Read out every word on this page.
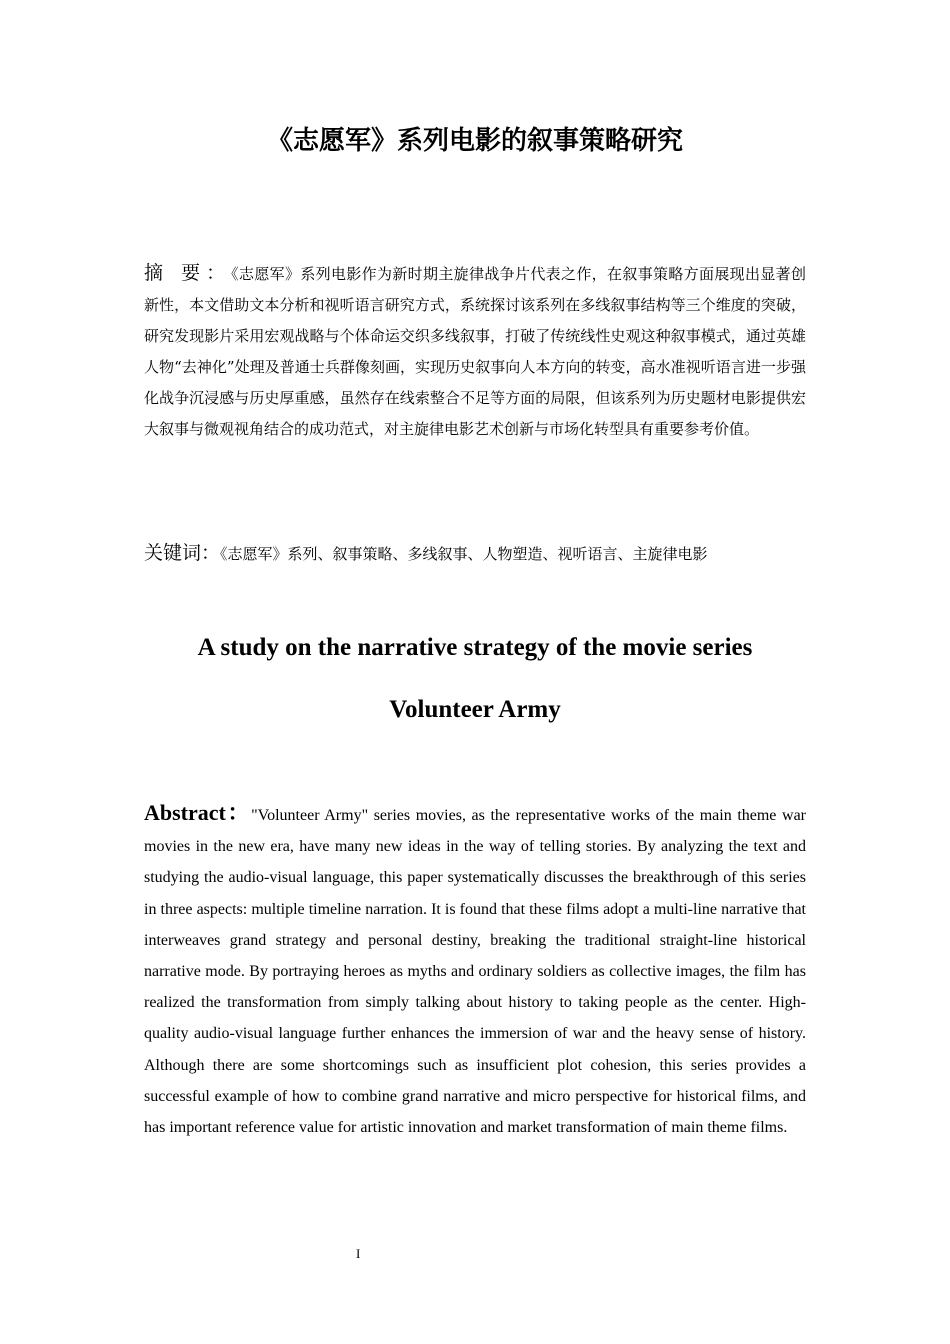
《志愿军》系列电影的叙事策略研究
摘 要：《志愿军》系列电影作为新时期主旋律战争片代表之作，在叙事策略方面展现出显著创新性，本文借助文本分析和视听语言研究方式，系统探讨该系列在多线叙事结构等三个维度的突破，研究发现影片采用宏观战略与个体命运交织多线叙事，打破了传统线性史观这种叙事模式，通过英雄人物“去神化”处理及普通士兵群像刻画，实现历史叙事向人本方向的转变，高水准视听语言进一步强化战争沉浸感与历史厚重感，虽然存在线索整合不足等方面的局限，但该系列为历史题材电影提供宏大叙事与微观视角结合的成功范式，对主旋律电影艺术创新与市场化转型具有重要参考价值。
关键词：《志愿军》系列、叙事策略、多线叙事、人物塑造、视听语言、主旋律电影
A study on the narrative strategy of the movie series
Volunteer Army
Abstract："Volunteer Army" series movies, as the representative works of the main theme war movies in the new era, have many new ideas in the way of telling stories. By analyzing the text and studying the audio-visual language, this paper systematically discusses the breakthrough of this series in three aspects: multiple timeline narration. It is found that these films adopt a multi-line narrative that interweaves grand strategy and personal destiny, breaking the traditional straight-line historical narrative mode. By portraying heroes as myths and ordinary soldiers as collective images, the film has realized the transformation from simply talking about history to taking people as the center. High-quality audio-visual language further enhances the immersion of war and the heavy sense of history. Although there are some shortcomings such as insufficient plot cohesion, this series provides a successful example of how to combine grand narrative and micro perspective for historical films, and has important reference value for artistic innovation and market transformation of main theme films.
I
